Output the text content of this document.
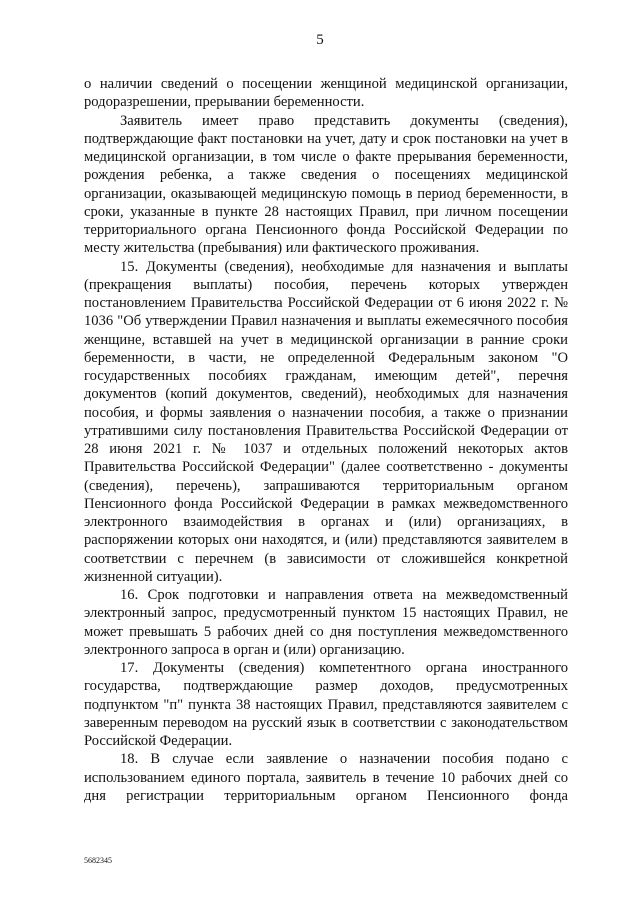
5

о наличии сведений о посещении женщиной медицинской организации, родоразрешении, прерывании беременности.

Заявитель имеет право представить документы (сведения), подтверждающие факт постановки на учет, дату и срок постановки на учет в медицинской организации, в том числе о факте прерывания беременности, рождения ребенка, а также сведения о посещениях медицинской организации, оказывающей медицинскую помощь в период беременности, в сроки, указанные в пункте 28 настоящих Правил, при личном посещении территориального органа Пенсионного фонда Российской Федерации по месту жительства (пребывания) или фактического проживания.

15. Документы (сведения), необходимые для назначения и выплаты (прекращения выплаты) пособия, перечень которых утвержден постановлением Правительства Российской Федерации от 6 июня 2022 г. № 1036 "Об утверждении Правил назначения и выплаты ежемесячного пособия женщине, вставшей на учет в медицинской организации в ранние сроки беременности, в части, не определенной Федеральным законом "О государственных пособиях гражданам, имеющим детей", перечня документов (копий документов, сведений), необходимых для назначения пособия, и формы заявления о назначении пособия, а также о признании утратившими силу постановления Правительства Российской Федерации от 28 июня 2021 г. № 1037 и отдельных положений некоторых актов Правительства Российской Федерации" (далее соответственно - документы (сведения), перечень), запрашиваются территориальным органом Пенсионного фонда Российской Федерации в рамках межведомственного электронного взаимодействия в органах и (или) организациях, в распоряжении которых они находятся, и (или) представляются заявителем в соответствии с перечнем (в зависимости от сложившейся конкретной жизненной ситуации).

16. Срок подготовки и направления ответа на межведомственный электронный запрос, предусмотренный пунктом 15 настоящих Правил, не может превышать 5 рабочих дней со дня поступления межведомственного электронного запроса в орган и (или) организацию.

17. Документы (сведения) компетентного органа иностранного государства, подтверждающие размер доходов, предусмотренных подпунктом "п" пункта 38 настоящих Правил, представляются заявителем с заверенным переводом на русский язык в соответствии с законодательством Российской Федерации.

18. В случае если заявление о назначении пособия подано с использованием единого портала, заявитель в течение 10 рабочих дней со дня регистрации территориальным органом Пенсионного фонда

5682345
